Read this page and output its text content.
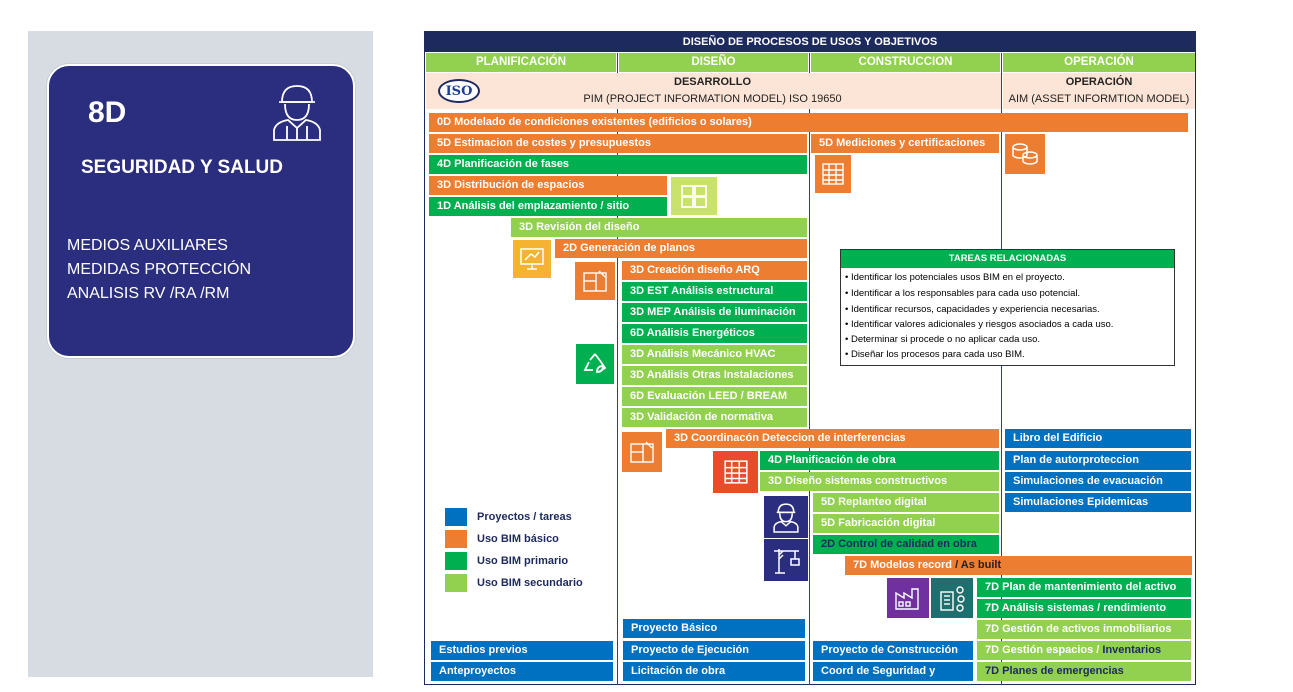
8D
SEGURIDAD Y SALUD
MEDIOS AUXILIARES
MEDIDAS PROTECCIÓN
ANALISIS RV /RA /RM
DISEÑO DE PROCESOS DE USOS Y OBJETIVOS
PLANIFICACIÓN	DISEÑO	CONSTRUCCION	OPERACIÓN
ISO
DESARROLLO
PIM (PROJECT INFORMATION MODEL) ISO 19650
OPERACIÓN
AIM (ASSET INFORMTION MODEL)
0D Modelado de condiciones existentes (edificios o solares)
5D Estimacion de costes y presupuestos	5D Mediciones y certificaciones
4D Planificación de fases
3D Distribución de espacios
1D Análisis del emplazamiento / sitio
3D Revisión del diseño
2D Generación de planos
3D Creación diseño ARQ
3D EST Análisis estructural
3D MEP Análisis de iluminación
6D Análisis Energéticos
3D Análisis Mecánico HVAC
3D Análisis Otras Instalaciones
6D Evaluación LEED / BREAM
3D Validación de normativa
3D Coordinacón Deteccion de interferencias
4D Planificación de obra
3D Diseño sistemas constructivos
5D Replanteo digital
5D Fabricación digital
2D Control de calidad en obra
7D Modelos record / As built
7D Plan de mantenimiento del activo
7D Análisis sistemas / rendimiento
7D Gestión de activos inmobiliarios
7D Gestión espacios / Inventarios
7D Planes de emergencias
Libro del Edificio
Plan de autorproteccion
Simulaciones de evacuación
Simulaciones Epidemicas
Estudios previos
Anteproyectos
Proyecto Básico
Proyecto de Ejecución
Licitación de obra
Proyecto de Construcción
Coord de Seguridad y
TAREAS RELACIONADAS
• Identificar los potenciales usos BIM en el proyecto.
• Identificar a los responsables para cada uso potencial.
• Identificar recursos, capacidades y experiencia necesarias.
• Identificar valores adicionales y riesgos asociados a cada uso.
• Determinar si procede o no aplicar cada uso.
• Diseñar los procesos para cada uso BIM.
Proyectos / tareas
Uso BIM básico
Uso BIM primario
Uso BIM secundario
